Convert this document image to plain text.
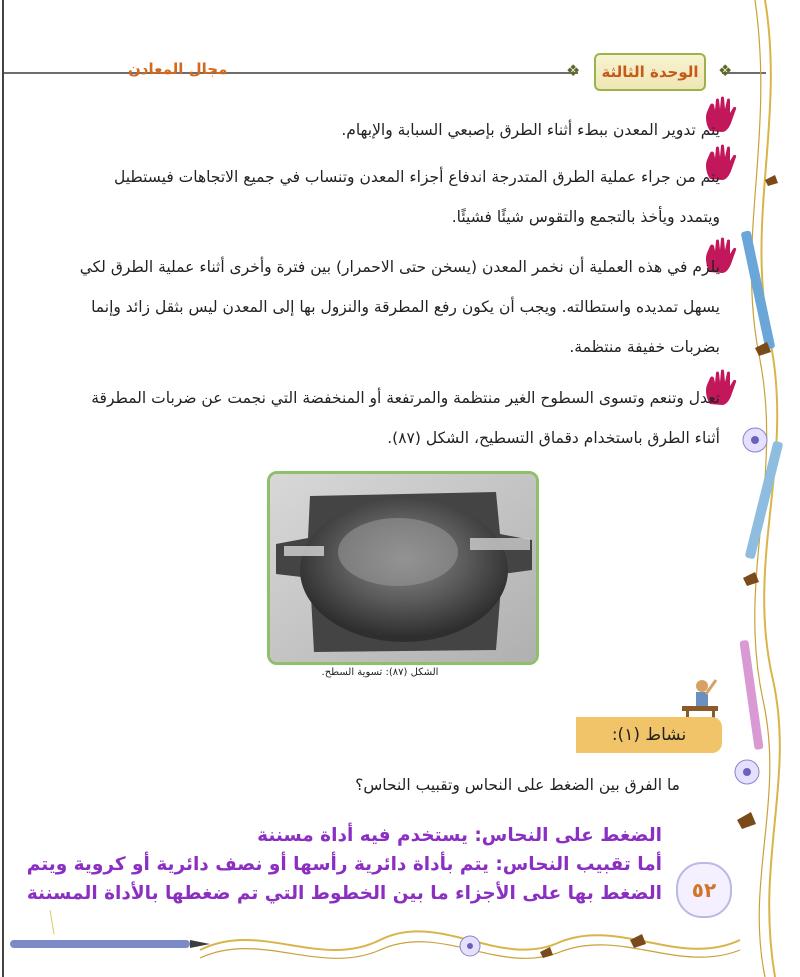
❖	❖
الوحدة الثالثة
مجال المعادن
يتم تدوير المعدن ببطء أثناء الطرق بإصبعي السبابة والإبهام.
يتم من جراء عملية الطرق المتدرجة اندفاع أجزاء المعدن وتنساب في جميع الاتجاهات فيستطيل
ويتمدد ويأخذ بالتجمع والتقوس شيئًا فشيئًا.
يلزم في هذه العملية أن نخمر المعدن (يسخن حتى الاحمرار) بين فترة وأخرى أثناء عملية الطرق لكي
يسهل تمديده واستطالته. ويجب أن يكون رفع المطرقة والنزول بها إلى المعدن ليس بثقل زائد وإنما
بضربات خفيفة منتظمة.
تعدل وتنعم وتسوى السطوح الغير منتظمة والمرتفعة أو المنخفضة التي نجمت عن ضربات المطرقة
أثناء الطرق باستخدام دقماق التسطيح، الشكل (٨٧).
الشكل (٨٧): تسوية السطح.
نشاط (١):
ما الفرق بين الضغط على النحاس وتقبيب النحاس؟
الضغط على النحاس: يستخدم فيه أداة مسننة
أما تقبيب النحاس: يتم بأداة دائرية رأسها أو نصف دائرية أو كروية ويتم
الضغط بها على الأجزاء ما بين الخطوط التي تم ضغطها بالأداة المسننة	٥٢
